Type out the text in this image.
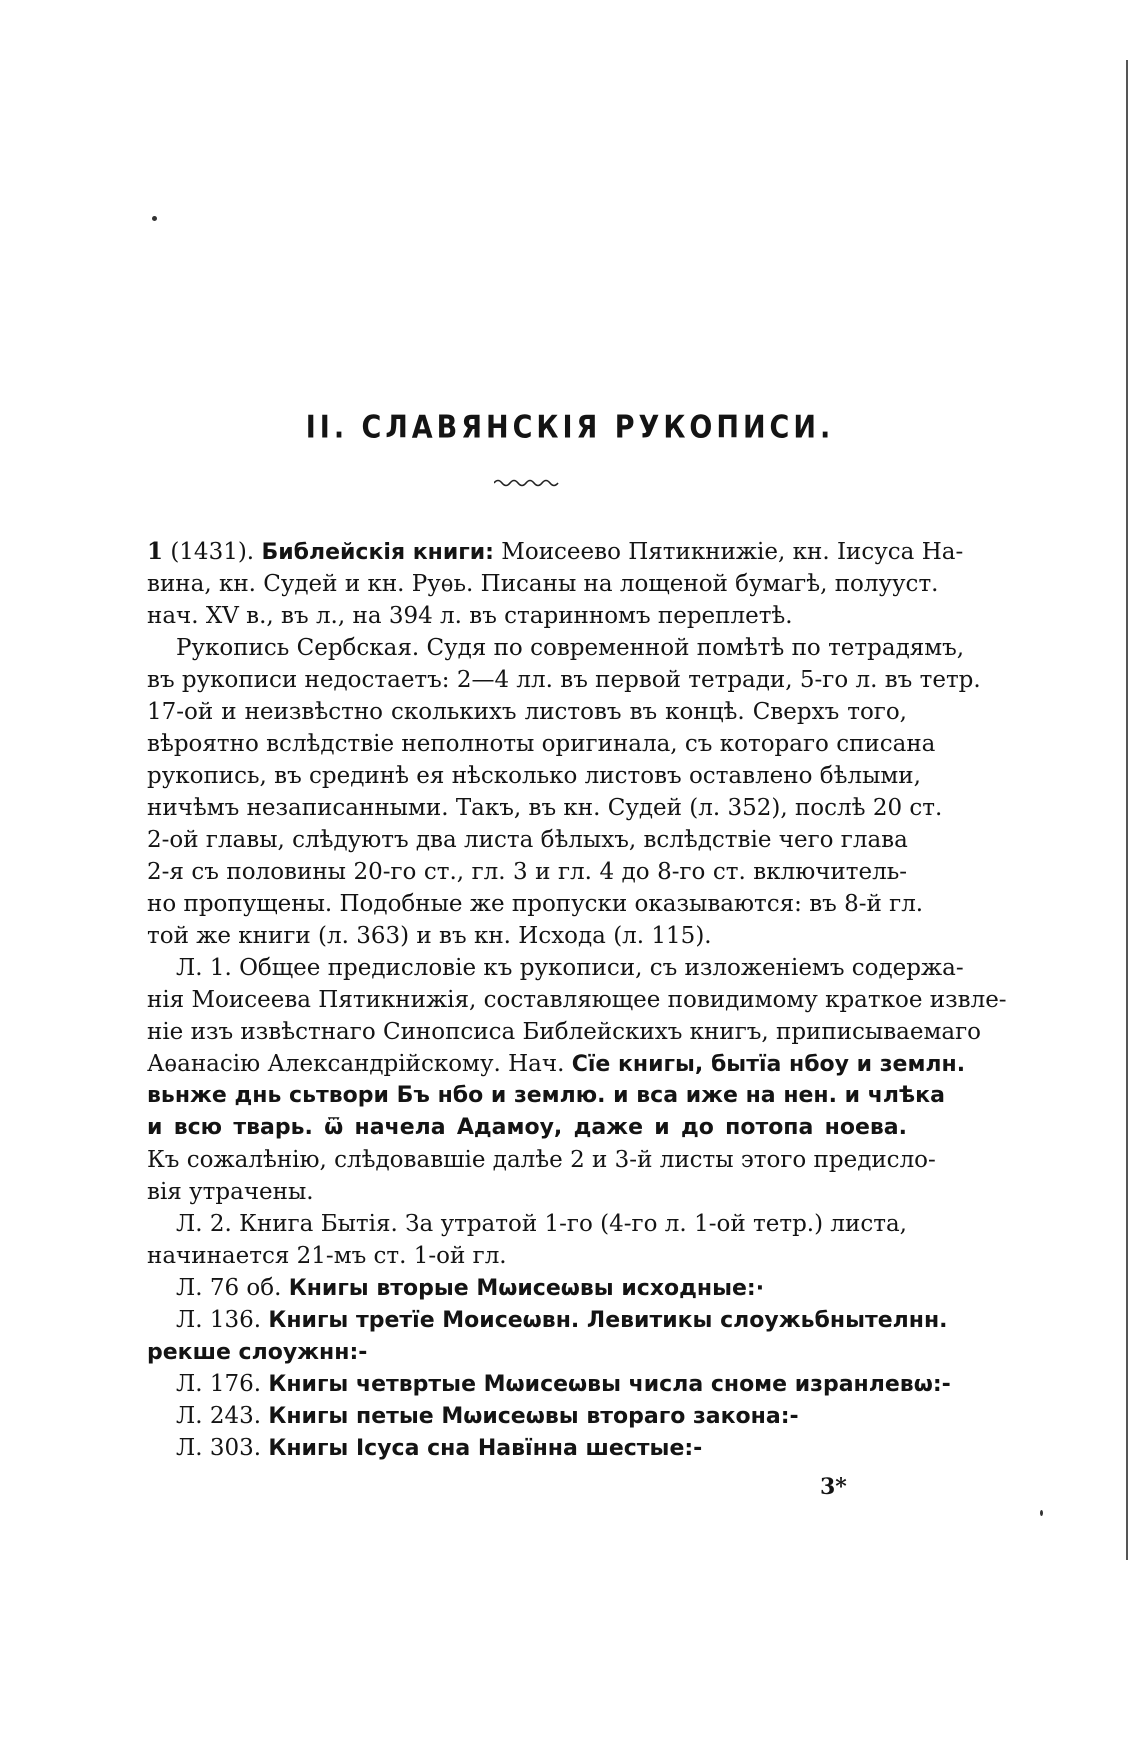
II. СЛАВЯНСКІЯ РУКОПИСИ.
1 (1431). Библейскія книги: Моисеево Пятикнижіе, кн. Іисуса На-
вина, кн. Судей и кн. Руѳь. Писаны на лощеной бумагѣ, полууст.
нач. XV в., въ л., на 394 л. въ старинномъ переплетѣ.
Рукопись Сербская. Судя по современной помѣтѣ по тетрадямъ,
въ рукописи недостаетъ: 2—4 лл. въ первой тетради, 5-го л. въ тетр.
17-ой и неизвѣстно сколькихъ листовъ въ концѣ. Сверхъ того,
вѣроятно вслѣдствіе неполноты оригинала, съ котораго списана
рукопись, въ срединѣ ея нѣсколько листовъ оставлено бѣлыми,
ничѣмъ незаписанными. Такъ, въ кн. Судей (л. 352), послѣ 20 ст.
2-ой главы, слѣдуютъ два листа бѣлыхъ, вслѣдствіе чего глава
2-я съ половины 20-го ст., гл. 3 и гл. 4 до 8-го ст. включитель-
но пропущены. Подобные же пропуски оказываются: въ 8-й гл.
той же книги (л. 363) и въ кн. Исхода (л. 115).
Л. 1. Общее предисловіе къ рукописи, съ изложеніемъ содержа-
нія Моисеева Пятикнижія, составляющее повидимому краткое извле-
ніе изъ извѣстнаго Синопсиса Библейскихъ книгъ, приписываемаго
Аѳанасію Александрійскому. Нач. Сїе книгы, бытїа нбоу и землн.
вьнже днь сьтвори Бъ нбо и землю. и вса иже на нен. и члѣка
и всю тварь. ѿ начела Адамоу, даже и до потопа ноева.
Къ сожалѣнію, слѣдовавшіе далѣе 2 и 3-й листы этого предисло-
вія утрачены.
Л. 2. Книга Бытія. За утратой 1-го (4-го л. 1-ой тетр.) листа,
начинается 21-мъ ст. 1-ой гл.
Л. 76 об. Книгы вторые Мѡисеѡвы исходные:·
Л. 136. Книгы третїе Моисеѡвн. Левитикы слоужьбнытелнн.
рекше слоужнн:-
Л. 176. Книгы четвртые Мѡисеѡвы числа сноме изранлевѡ:-
Л. 243. Книгы петые Мѡисеѡвы втораго закона:-
Л. 303. Книгы Ісуса сна Навїнна шестые:-
3*
